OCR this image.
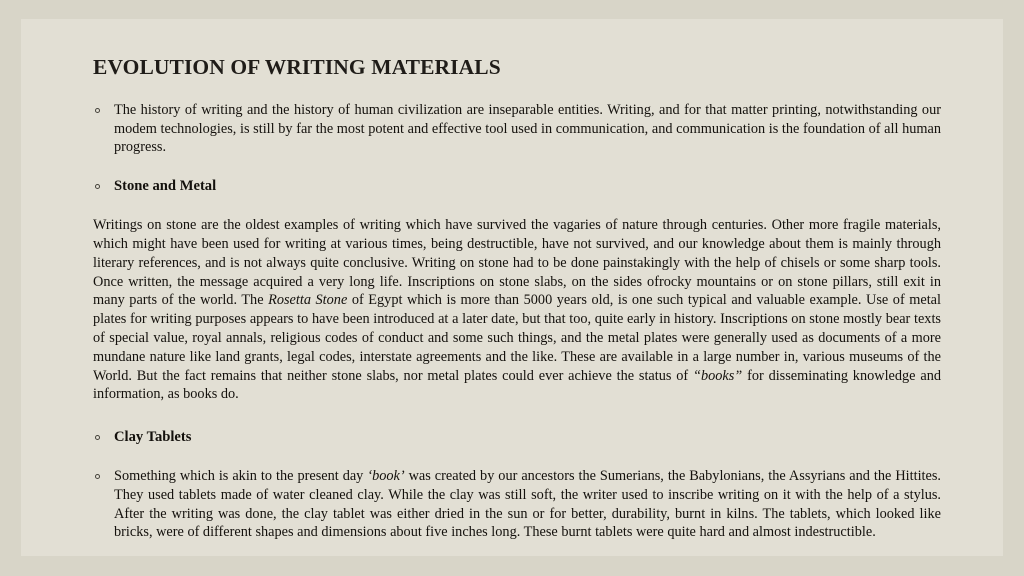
EVOLUTION OF WRITING MATERIALS

The history of writing and the history of human civilization are inseparable entities. Writing, and for that matter printing, notwithstanding our modem technologies, is still by far the most potent and effective tool used in communication, and communication is the foundation of all human progress.

Stone and Metal

Writings on stone are the oldest examples of writing which have survived the vagaries of nature through centuries. Other more fragile materials, which might have been used for writing at various times, being destructible, have not survived, and our knowledge about them is mainly through literary references, and is not always quite conclusive. Writing on stone had to be done painstakingly with the help of chisels or some sharp tools. Once written, the message acquired a very long life. Inscriptions on stone slabs, on the sides ofrocky mountains or on stone pillars, still exit in many parts of the world. The Rosetta Stone of Egypt which is more than 5000 years old, is one such typical and valuable example. Use of metal plates for writing purposes appears to have been introduced at a later date, but that too, quite early in history. Inscriptions on stone mostly bear texts of special value, royal annals, religious codes of conduct and some such things, and the metal plates were generally used as documents of a more mundane nature like land grants, legal codes, interstate agreements and the like. These are available in a large number in, various museums of the World. But the fact remains that neither stone slabs, nor metal plates could ever achieve the status of “books” for disseminating knowledge and information, as books do.

Clay Tablets

Something which is akin to the present day ‘book’ was created by our ancestors the Sumerians, the Babylonians, the Assyrians and the Hittites. They used tablets made of water cleaned clay. While the clay was still soft, the writer used to inscribe writing on it with the help of a stylus. After the writing was done, the clay tablet was either dried in the sun or for better, durability, burnt in kilns. The tablets, which looked like bricks, were of different shapes and dimensions about five inches long. These burnt tablets were quite hard and almost indestructible.
